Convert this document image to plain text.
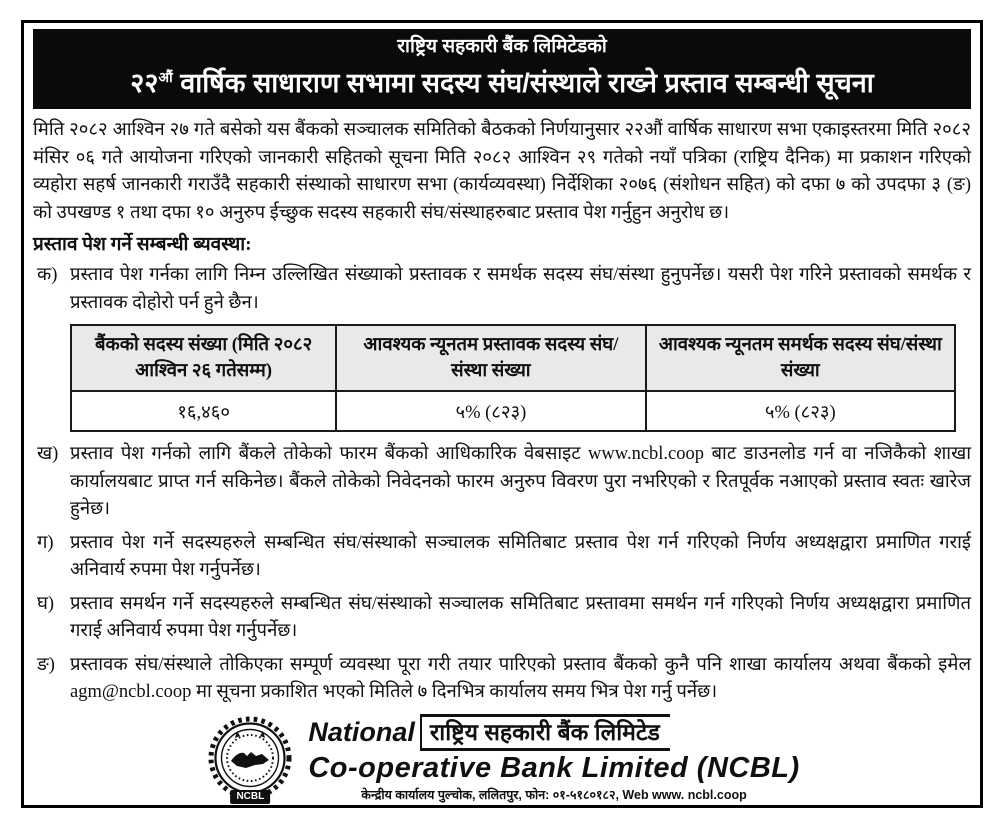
राष्ट्रिय सहकारी बैंक लिमिटेडको
$२२^{औं}$ वार्षिक साधाराण सभामा सदस्य संघ/संस्थाले राख्ने प्रस्ताव सम्बन्धी सूचना

मिति २०८२ आश्विन २७ गते बसेको यस बैंकको सञ्चालक समितिको बैठकको निर्णयानुसार २२औं वार्षिक साधारण सभा एकाइस्तरमा मिति २०८२ मंसिर ०६ गते आयोजना गरिएको जानकारी सहितको सूचना मिति २०८२ आश्विन २९ गतेको नयाँ पत्रिका (राष्ट्रिय दैनिक) मा प्रकाशन गरिएको व्यहोरा सहर्ष जानकारी गराउँदै सहकारी संस्थाको साधारण सभा (कार्यव्यवस्था) निर्देशिका २०७६ (संशोधन सहित) को दफा ७ को उपदफा ३ (ङ) को उपखण्ड १ तथा दफा १० अनुरुप ईच्छुक सदस्य सहकारी संघ/संस्थाहरुबाट प्रस्ताव पेश गर्नुहुन अनुरोध छ।

प्रस्ताव पेश गर्ने सम्बन्धी ब्यवस्था:

क) प्रस्ताव पेश गर्नका लागि निम्न उल्लिखित संख्याको प्रस्तावक र समर्थक सदस्य संघ/संस्था हुनुपर्नेछ। यसरी पेश गरिने प्रस्तावको समर्थक र प्रस्तावक दोहोरो पर्न हुने छैन।
बैंकको सदस्य संख्या (मिति २०८२ आश्विन २६ गतेसम्म)	आवश्यक न्यूनतम प्रस्तावक सदस्य संघ/संस्था संख्या	आवश्यक न्यूनतम समर्थक सदस्य संघ/संस्था संख्या
१६,४६०	५% (८२३)	५% (८२३)
ख) प्रस्ताव पेश गर्नको लागि बैंकले तोकेको फारम बैंकको आधिकारिक वेबसाइट www.ncbl.coop बाट डाउनलोड गर्न वा नजिकैको शाखा कार्यालयबाट प्राप्त गर्न सकिनेछ। बैंकले तोकेको निवेदनको फारम अनुरुप विवरण पुरा नभरिएको र रितपूर्वक नआएको प्रस्ताव स्वतः खारेज हुनेछ।
ग) प्रस्ताव पेश गर्ने सदस्यहरुले सम्बन्धित संघ/संस्थाको सञ्चालक समितिबाट प्रस्ताव पेश गर्न गरिएको निर्णय अध्यक्षद्वारा प्रमाणित गराई अनिवार्य रुपमा पेश गर्नुपर्नेछ।
घ) प्रस्ताव समर्थन गर्ने सदस्यहरुले सम्बन्धित संघ/संस्थाको सञ्चालक समितिबाट प्रस्तावमा समर्थन गर्न गरिएको निर्णय अध्यक्षद्वारा प्रमाणित गराई अनिवार्य रुपमा पेश गर्नुपर्नेछ।
ङ) प्रस्तावक संघ/संस्थाले तोकिएका सम्पूर्ण व्यवस्था पूरा गरी तयार पारिएको प्रस्ताव बैंकको कुनै पनि शाखा कार्यालय अथवा बैंकको इमेल agm@ncbl.coop मा सूचना प्रकाशित भएको मितिले ७ दिनभित्र कार्यालय समय भित्र पेश गर्नु पर्नेछ।
NCBL
National राष्ट्रिय सहकारी बैंक लिमिटेड
Co-operative Bank Limited (NCBL)
केन्द्रीय कार्यालय पुल्चोक, ललितपुर, फोन: ०१-५१८०१८२, Web www. ncbl.coop
